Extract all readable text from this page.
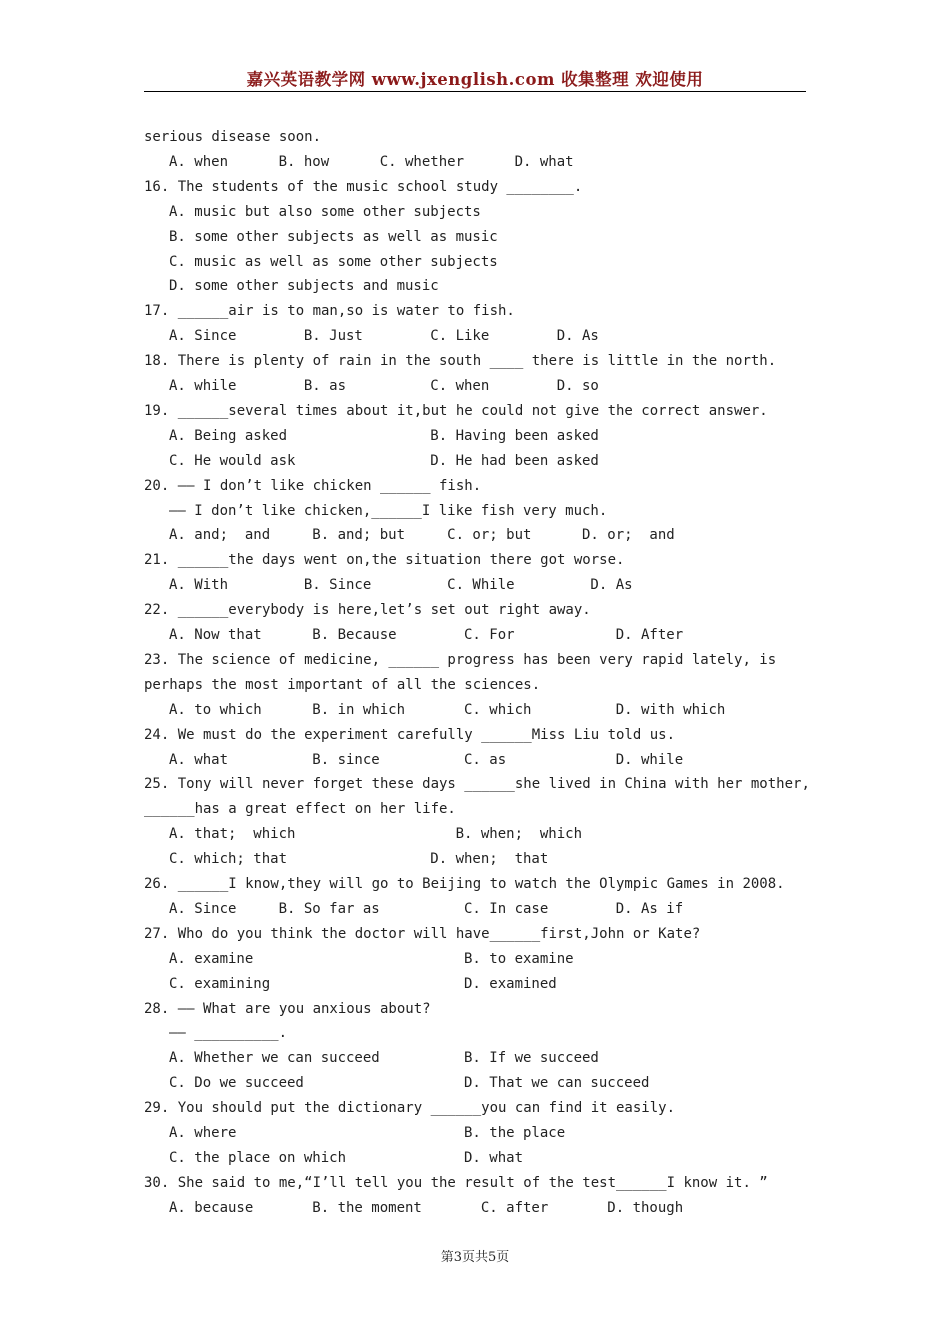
嘉兴英语教学网 www.jxenglish.com 收集整理 欢迎使用
serious disease soon.
A. when      B. how      C. whether      D. what
16. The students of the music school study ________.
A. music but also some other subjects
B. some other subjects as well as music
C. music as well as some other subjects
D. some other subjects and music
17. ______air is to man,so is water to fish.
A. Since        B. Just        C. Like        D. As
18. There is plenty of rain in the south ____ there is little in the north.
A. while        B. as          C. when        D. so
19. ______several times about it,but he could not give the correct answer.
A. Being asked                 B. Having been asked
C. He would ask                D. He had been asked
20. —— I don’t like chicken ______ fish.
—— I don’t like chicken,______I like fish very much.
A. and;  and     B. and; but     C. or; but      D. or;  and
21. ______the days went on,the situation there got worse.
A. With         B. Since         C. While         D. As
22. ______everybody is here,let’s set out right away.
A. Now that      B. Because        C. For            D. After
23. The science of medicine, ______ progress has been very rapid lately, is
perhaps the most important of all the sciences.
A. to which      B. in which       C. which          D. with which
24. We must do the experiment carefully ______Miss Liu told us.
A. what          B. since          C. as             D. while
25. Tony will never forget these days ______she lived in China with her mother,
______has a great effect on her life.
A. that;  which                   B. when;  which
C. which; that                 D. when;  that
26. ______I know,they will go to Beijing to watch the Olympic Games in 2008.
A. Since     B. So far as          C. In case        D. As if
27. Who do you think the doctor will have______first,John or Kate?
A. examine                         B. to examine
C. examining                       D. examined
28. —— What are you anxious about?
—— __________.
A. Whether we can succeed          B. If we succeed
C. Do we succeed                   D. That we can succeed
29. You should put the dictionary ______you can find it easily.
A. where                           B. the place
C. the place on which              D. what
30. She said to me,“I’ll tell you the result of the test______I know it. ”
A. because       B. the moment       C. after       D. though
第3页共5页
